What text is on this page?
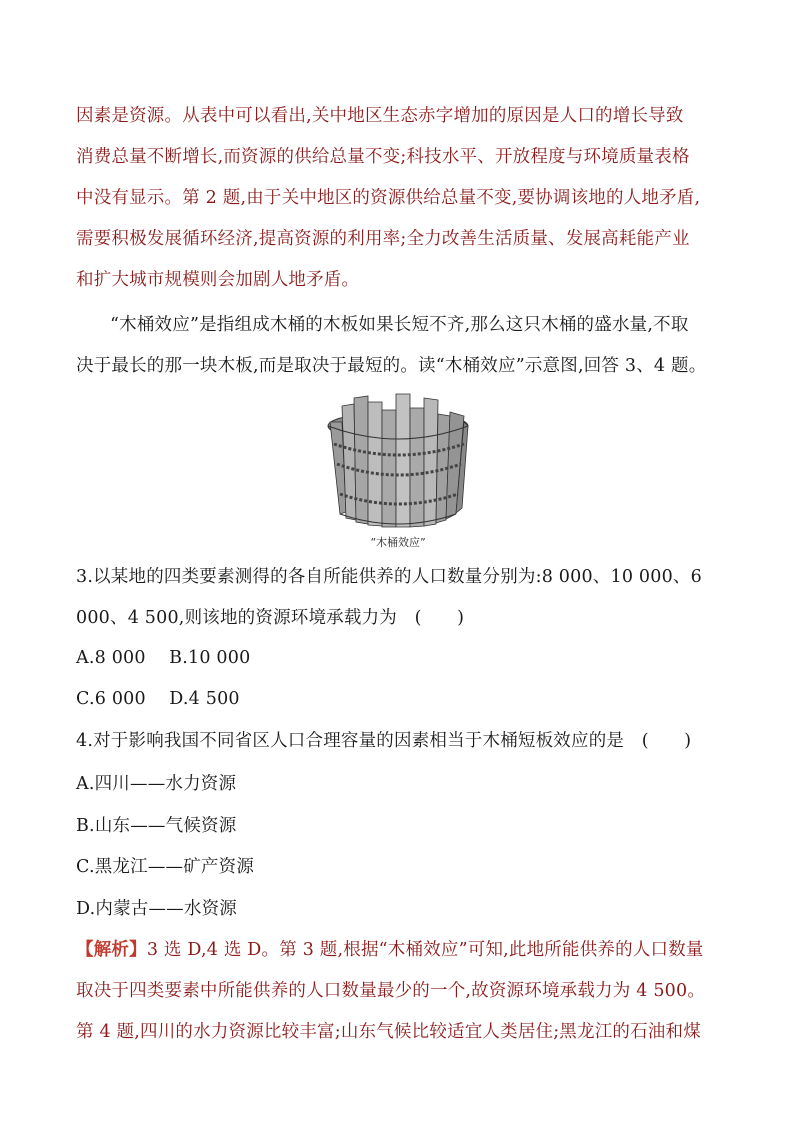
因素是资源。从表中可以看出,关中地区生态赤字增加的原因是人口的增长导致
消费总量不断增长,而资源的供给总量不变;科技水平、开放程度与环境质量表格
中没有显示。第 2 题,由于关中地区的资源供给总量不变,要协调该地的人地矛盾,
需要积极发展循环经济,提高资源的利用率;全力改善生活质量、发展高耗能产业
和扩大城市规模则会加剧人地矛盾。
“木桶效应”是指组成木桶的木板如果长短不齐,那么这只木桶的盛水量,不取
决于最长的那一块木板,而是取决于最短的。读“木桶效应”示意图,回答 3、4 题。
“木桶效应”
3.以某地的四类要素测得的各自所能供养的人口数量分别为:8 000、10 000、6
000、4 500,则该地的资源环境承载力为　(　　)
A.8 000　 B.10 000
C.6 000　 D.4 500
4.对于影响我国不同省区人口合理容量的因素相当于木桶短板效应的是　(　　)
A.四川——水力资源
B.山东——气候资源
C.黑龙江——矿产资源
D.内蒙古——水资源
【解析】3 选 D,4 选 D。第 3 题,根据“木桶效应”可知,此地所能供养的人口数量
取决于四类要素中所能供养的人口数量最少的一个,故资源环境承载力为 4 500。
第 4 题,四川的水力资源比较丰富;山东气候比较适宜人类居住;黑龙江的石油和煤
